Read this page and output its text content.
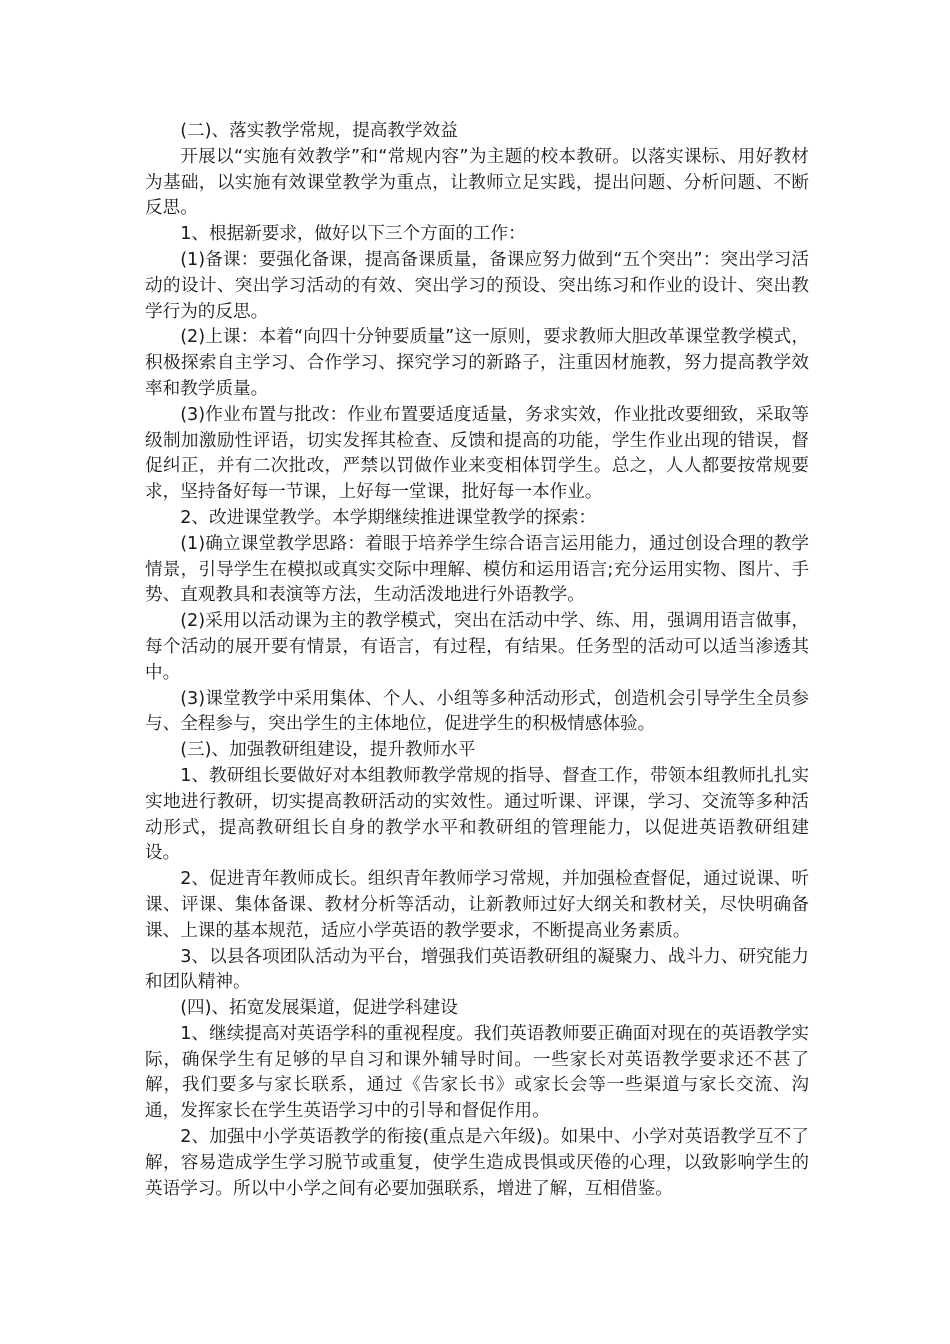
(二)、落实教学常规，提高教学效益

开展以“实施有效教学”和“常规内容”为主题的校本教研。以落实课标、用好教材为基础，以实施有效课堂教学为重点，让教师立足实践，提出问题、分析问题、不断反思。

1、根据新要求，做好以下三个方面的工作：

(1)备课：要强化备课，提高备课质量，备课应努力做到“五个突出”：突出学习活动的设计、突出学习活动的有效、突出学习的预设、突出练习和作业的设计、突出教学行为的反思。

(2)上课：本着“向四十分钟要质量”这一原则，要求教师大胆改革课堂教学模式，积极探索自主学习、合作学习、探究学习的新路子，注重因材施教，努力提高教学效率和教学质量。

(3)作业布置与批改：作业布置要适度适量，务求实效，作业批改要细致，采取等级制加激励性评语，切实发挥其检查、反馈和提高的功能，学生作业出现的错误，督促纠正，并有二次批改，严禁以罚做作业来变相体罚学生。总之，人人都要按常规要求，坚持备好每一节课，上好每一堂课，批好每一本作业。

2、改进课堂教学。本学期继续推进课堂教学的探索：

(1)确立课堂教学思路：着眼于培养学生综合语言运用能力，通过创设合理的教学情景，引导学生在模拟或真实交际中理解、模仿和运用语言;充分运用实物、图片、手势、直观教具和表演等方法，生动活泼地进行外语教学。

(2)采用以活动课为主的教学模式，突出在活动中学、练、用，强调用语言做事，每个活动的展开要有情景，有语言，有过程，有结果。任务型的活动可以适当渗透其中。

(3)课堂教学中采用集体、个人、小组等多种活动形式，创造机会引导学生全员参与、全程参与，突出学生的主体地位，促进学生的积极情感体验。

(三)、加强教研组建设，提升教师水平

1、教研组长要做好对本组教师教学常规的指导、督查工作，带领本组教师扎扎实实地进行教研，切实提高教研活动的实效性。通过听课、评课，学习、交流等多种活动形式，提高教研组长自身的教学水平和教研组的管理能力，以促进英语教研组建设。

2、促进青年教师成长。组织青年教师学习常规，并加强检查督促，通过说课、听课、评课、集体备课、教材分析等活动，让新教师过好大纲关和教材关，尽快明确备课、上课的基本规范，适应小学英语的教学要求，不断提高业务素质。

3、以县各项团队活动为平台，增强我们英语教研组的凝聚力、战斗力、研究能力和团队精神。

(四)、拓宽发展渠道，促进学科建设

1、继续提高对英语学科的重视程度。我们英语教师要正确面对现在的英语教学实际，确保学生有足够的早自习和课外辅导时间。一些家长对英语教学要求还不甚了解，我们要多与家长联系，通过《告家长书》或家长会等一些渠道与家长交流、沟通，发挥家长在学生英语学习中的引导和督促作用。

2、加强中小学英语教学的衔接(重点是六年级)。如果中、小学对英语教学互不了解，容易造成学生学习脱节或重复，使学生造成畏惧或厌倦的心理，以致影响学生的英语学习。所以中小学之间有必要加强联系，增进了解，互相借鉴。
